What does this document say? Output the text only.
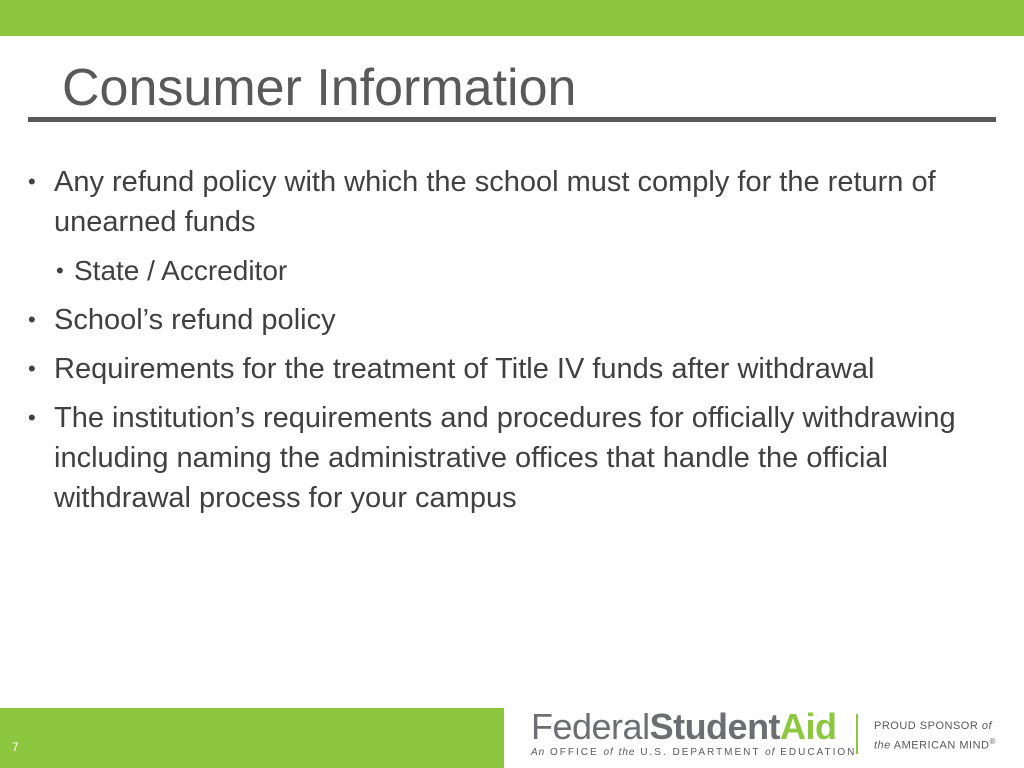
Consumer Information
• Any refund policy with which the school must comply for the return of unearned funds
• State / Accreditor
• School’s refund policy
• Requirements for the treatment of Title IV funds after withdrawal
• The institution’s requirements and procedures for officially withdrawing including naming the administrative offices that handle the official withdrawal process for your campus
7	FederalStudentAid
An OFFICE of the U.S. DEPARTMENT of EDUCATION
PROUD SPONSOR of
the AMERICAN MIND®
